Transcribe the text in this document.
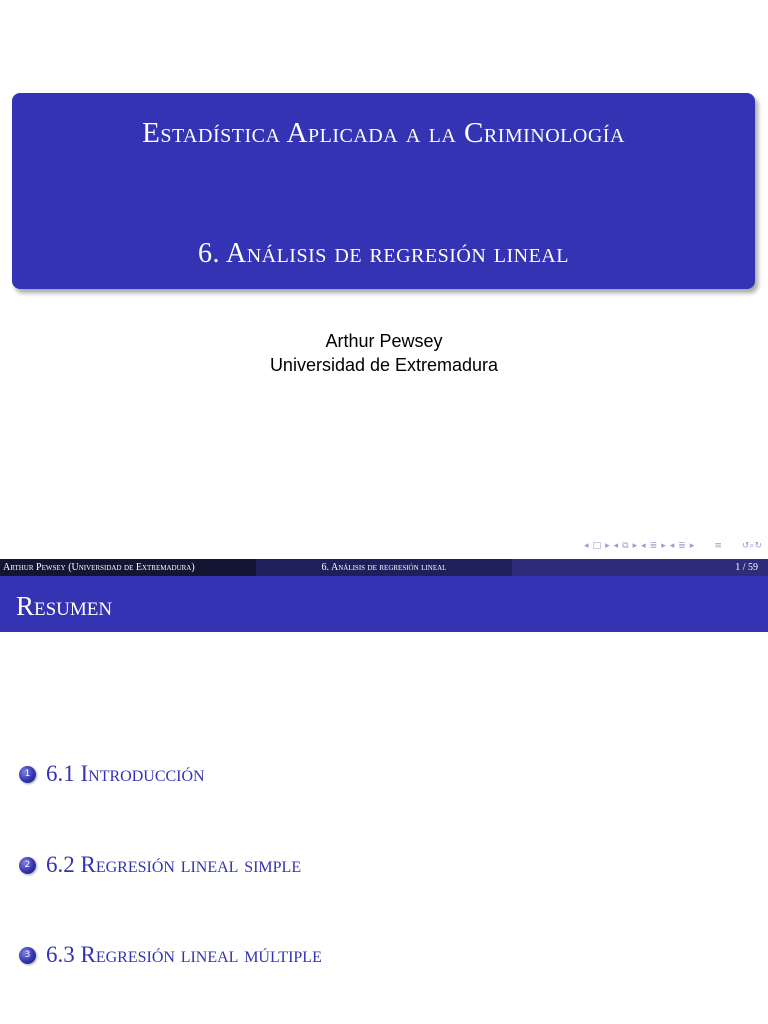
Estadística Aplicada a la Criminología
6. Análisis de regresión lineal
Arthur Pewsey
Universidad de Extremadura
◂ □ ▸ ◂ ⧉ ▸ ◂ ≣ ▸ ◂ ≣ ▸ ≡ ↺⌕↻
Arthur Pewsey (Universidad de Extremadura)	6. Análisis de regresión lineal	1 / 59
Resumen
1 6.1 Introducción
2 6.2 Regresión lineal simple
3 6.3 Regresión lineal múltiple
